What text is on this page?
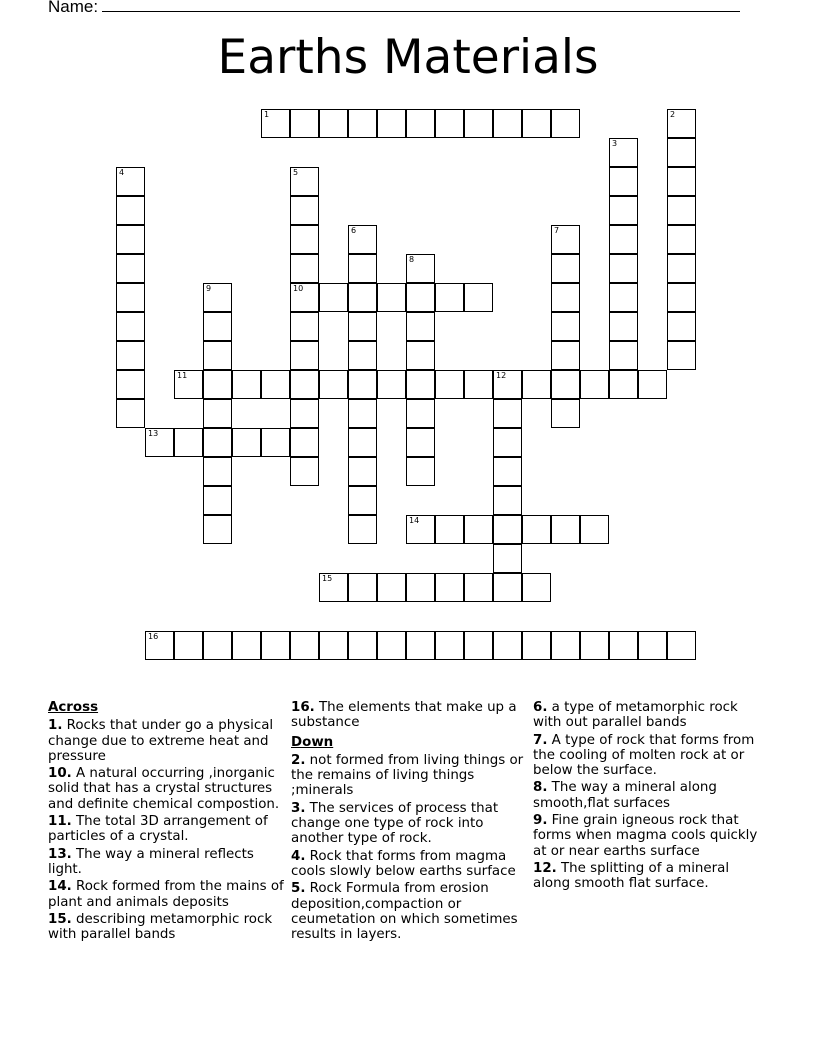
Name:
Earths Materials
1	2
3
4	5
10
6	7
8
9
11	12
13
14
15
16
Across
1. Rocks that under go a physical change due to extreme heat and pressure
10. A natural occurring ,inorganic solid that has a crystal structures and definite chemical compostion.
11. The total 3D arrangement of particles of a crystal.
13. The way a mineral reflects light.
14. Rock formed from the mains of plant and animals deposits
15. describing metamorphic rock with parallel bands
16. The elements that make up a substance
Down
2. not formed from living things or the remains of living things ;minerals
3. The services of process that change one type of rock into another type of rock.
4. Rock that forms from magma cools slowly below earths surface
5. Rock Formula from erosion deposition,compaction or ceumetation on which sometimes results in layers.
6. a type of metamorphic rock with out parallel bands
7. A type of rock that forms from the cooling of molten rock at or below the surface.
8. The way a mineral along smooth,flat surfaces
9. Fine grain igneous rock that forms when magma cools quickly at or near earths surface
12. The splitting of a mineral along smooth flat surface.
